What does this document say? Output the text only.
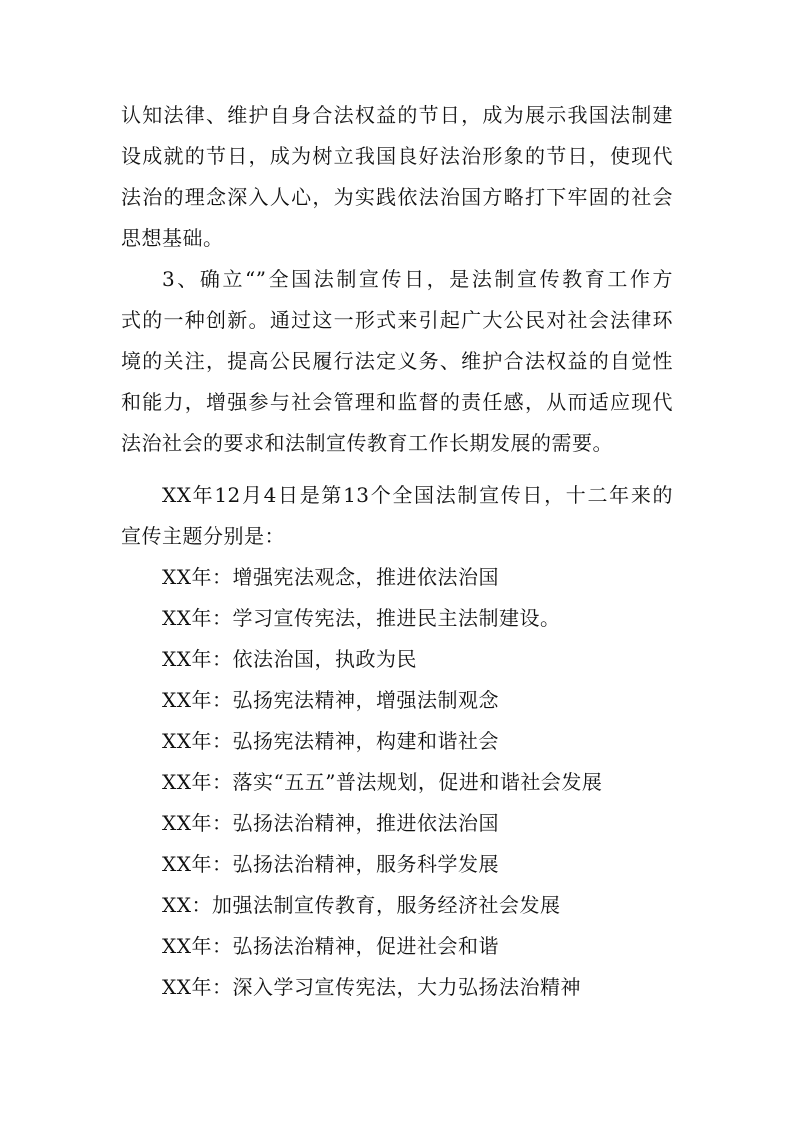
认知法律、维护自身合法权益的节日，成为展示我国法制建
设成就的节日，成为树立我国良好法治形象的节日，使现代
法治的理念深入人心，为实践依法治国方略打下牢固的社会
思想基础。
3、确立“”全国法制宣传日，是法制宣传教育工作方
式的一种创新。通过这一形式来引起广大公民对社会法律环
境的关注，提高公民履行法定义务、维护合法权益的自觉性
和能力，增强参与社会管理和监督的责任感，从而适应现代
法治社会的要求和法制宣传教育工作长期发展的需要。
XX年12月4日是第13个全国法制宣传日，十二年来的
宣传主题分别是：
XX年：增强宪法观念，推进依法治国
XX年：学习宣传宪法，推进民主法制建设。
XX年：依法治国，执政为民
XX年：弘扬宪法精神，增强法制观念
XX年：弘扬宪法精神，构建和谐社会
XX年：落实“五五”普法规划，促进和谐社会发展
XX年：弘扬法治精神，推进依法治国
XX年：弘扬法治精神，服务科学发展
XX：加强法制宣传教育，服务经济社会发展
XX年：弘扬法治精神，促进社会和谐
XX年：深入学习宣传宪法，大力弘扬法治精神
